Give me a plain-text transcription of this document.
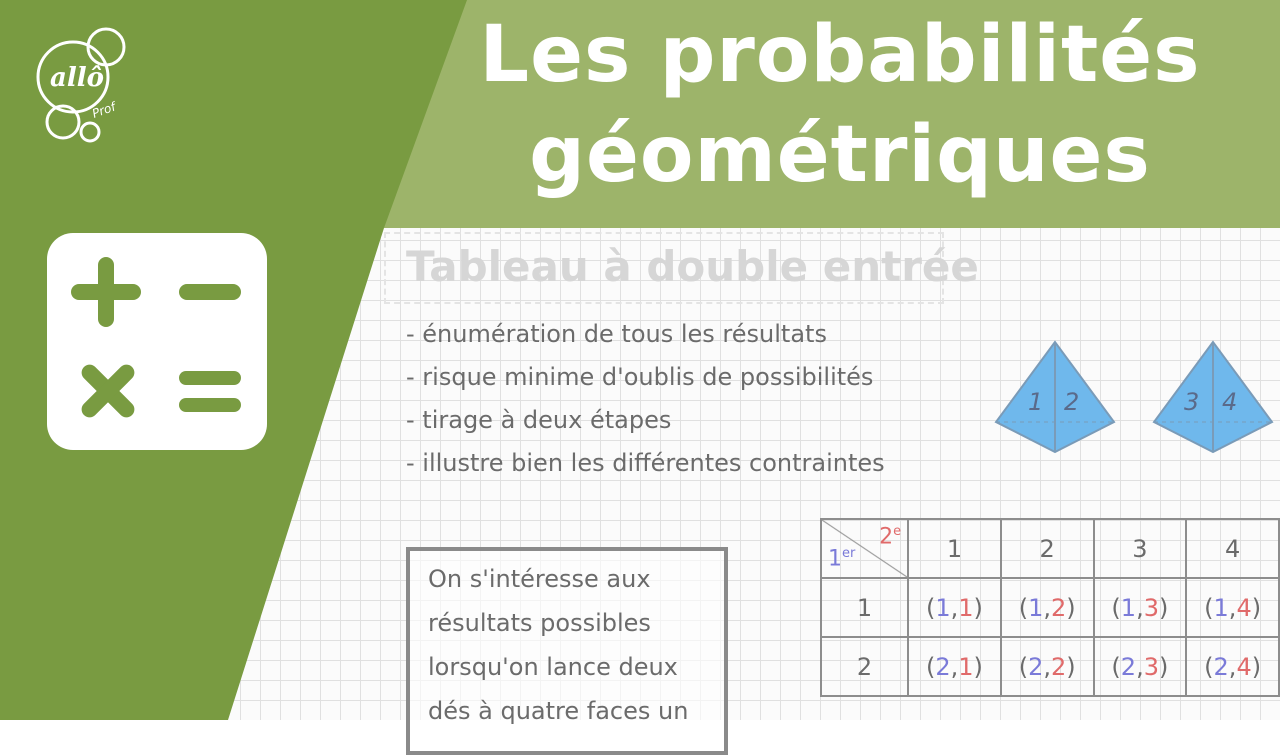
Les probabilités
géométriques
allô
Prof
Tableau à double entrée
- énumération de tous les résultats
- risque minime d'oublis de possibilités
- tirage à deux étapes
- illustre bien les différentes contraintes
1 2	3 4

On s'intéresse aux

résultats possibles

lorsqu'on lance deux

dés à quatre faces un

1er
2e	1	2	3	4
1	(1,1)	(1,2)	(1,3)	(1,4)
2	(2,1)	(2,2)	(2,3)	(2,4)
